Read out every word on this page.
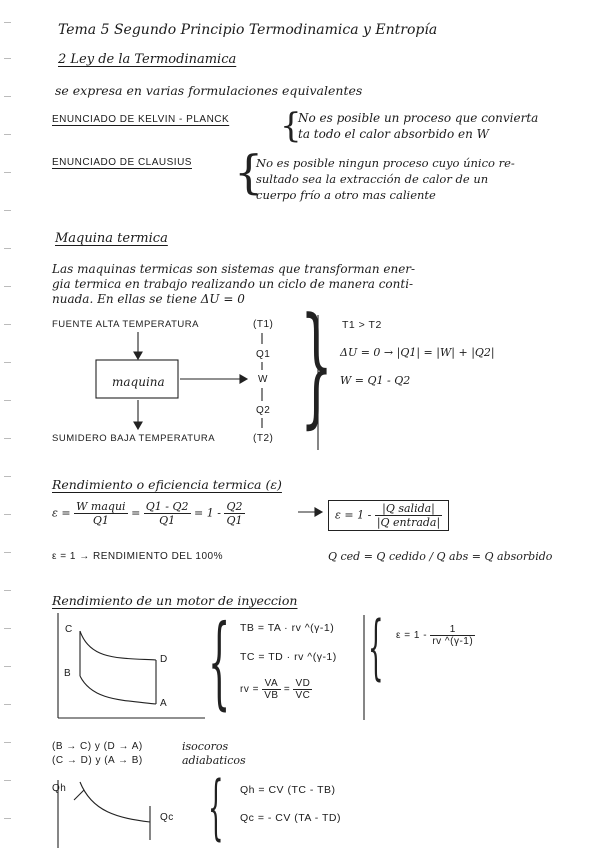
Tema 5 Segundo Principio Termodinamica y Entropía
2 Ley de la Termodinamica
se expresa en varias formulaciones equivalentes
ENUNCIADO DE KELVIN - PLANCK {
No es posible un proceso que convierta
ta todo el calor absorbido en W
ENUNCIADO DE CLAUSIUS {
No es posible ningun proceso cuyo único re-
sultado sea la extracción de calor de un
cuerpo frío a otro mas caliente
Maquina termica
Las maquinas termicas son sistemas que transforman ener-
gia termica en trabajo realizando un ciclo de manera conti-
nuada. En ellas se tiene ΔU = 0
FUENTE ALTA TEMPERATURA	(T1)
Q1
maquina	W
Q2
SUMIDERO BAJA TEMPERATURA	(T2) } T1 > T2
ΔU = 0 → |Q1| = |W| + |Q2|
W = Q1 - Q2
Rendimiento o eficiencia termica (ε)
$\varepsilon = \frac{\text{W maqui}}{Q1} = \frac{Q1 - Q2}{Q1} = 1 - \frac{Q2}{Q1}$	$\varepsilon = 1 - \frac{\text{|Q salida|}}{\text{|Q entrada|}}$
ε = 1 → RENDIMIENTO DEL 100%	Q ced = Q cedido / Q abs = Q absorbido
Rendimiento de un motor de inyeccion
C
D
B
A { TB = TA · rv ^(γ-1)
TC = TD · rv ^(γ-1)
rv = $\frac{VA}{VB} = \frac{VD}{VC}$
{ $\varepsilon = 1 - \frac{1}{rv \^{}(\gamma-1)}$
(B → C) y (D → A)	isocoros
(C → D) y (A → B)	adiabaticos
Qh
Qc { Qh = CV (TC - TB)
Qc = - CV (TA - TD)
